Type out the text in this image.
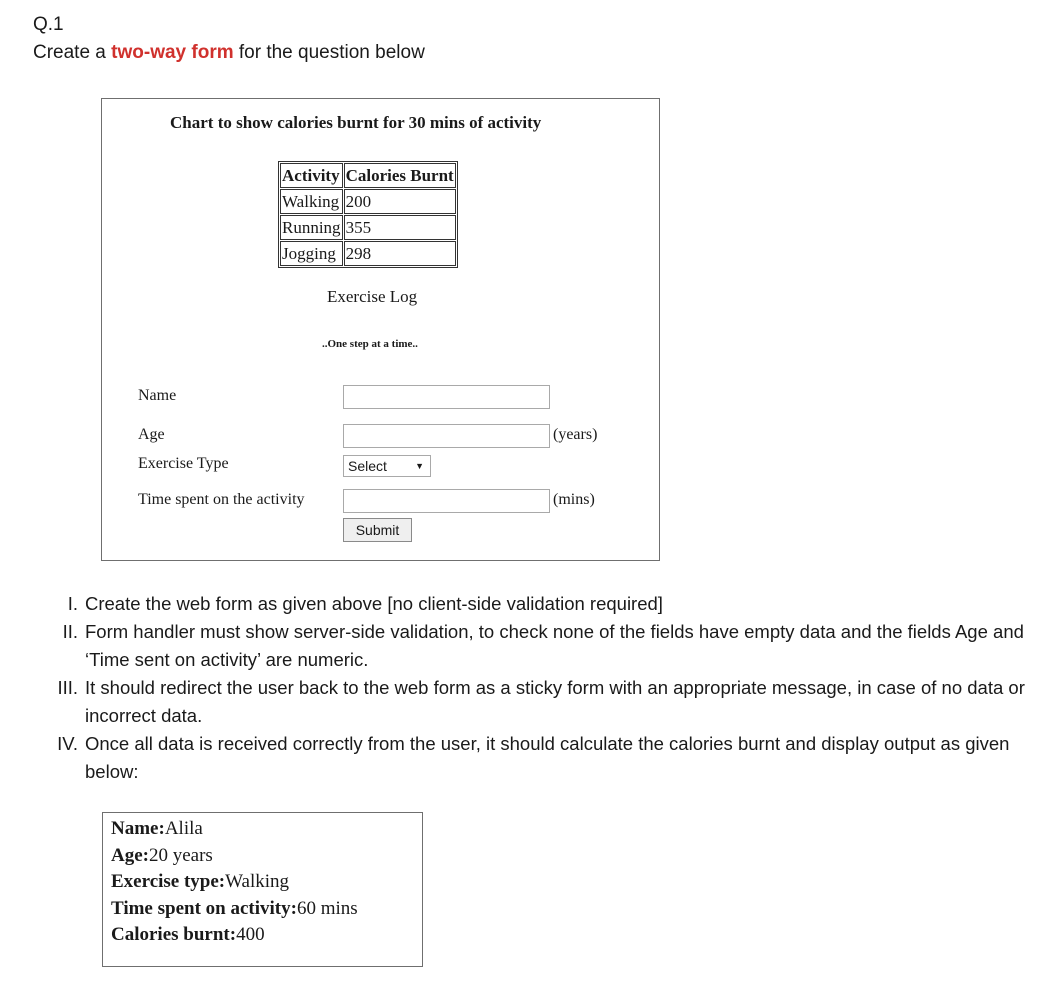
Q.1
Create a two-way form for the question below
Chart to show calories burnt for 30 mins of activity
Activity	Calories Burnt
Walking	200
Running	355
Jogging	298
Exercise Log
..One step at a time..
Name
Age	(years)
Exercise Type	Select	▼
Time spent on the activity	(mins)
Submit
I. Create the web form as given above [no client-side validation required]
II. Form handler must show server-side validation, to check none of the fields have empty data and the fields Age and ‘Time sent on activity’ are numeric.
III. It should redirect the user back to the web form as a sticky form with an appropriate message, in case of no data or incorrect data.
IV. Once all data is received correctly from the user, it should calculate the calories burnt and display output as given below:
Name:Alila
Age:20 years
Exercise type:Walking
Time spent on activity:60 mins
Calories burnt:400
